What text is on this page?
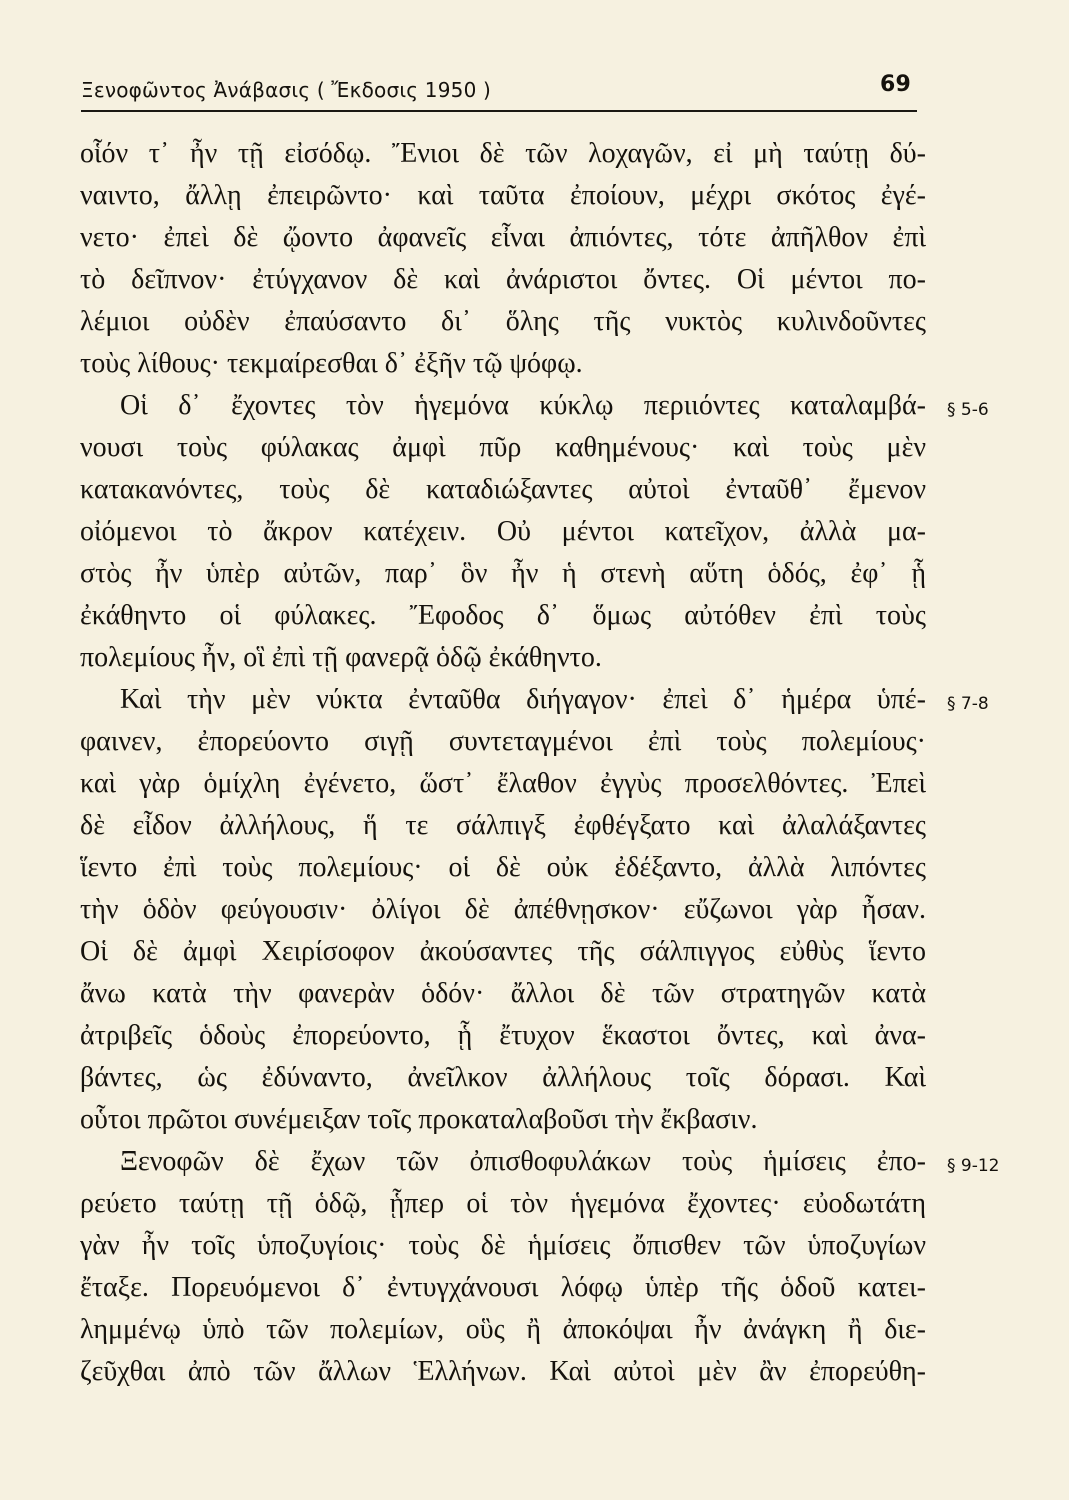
Ξενοφῶντος Ἀνάβασις ( Ἔκδοσις 1950 )	69
οἷόν τ᾽ ἦν τῇ εἰσόδῳ. Ἔνιοι δὲ τῶν λοχαγῶν, εἰ μὴ ταύτῃ δύ-
ναιντο, ἄλλῃ ἐπειρῶντο· καὶ ταῦτα ἐποίουν, μέχρι σκότος ἐγέ-
νετο· ἐπεὶ δὲ ᾤοντο ἀφανεῖς εἶναι ἀπιόντες, τότε ἀπῆλθον ἐπὶ
τὸ δεῖπνον· ἐτύγχανον δὲ καὶ ἀνάριστοι ὄντες. Οἱ μέντοι πο-
λέμιοι οὐδὲν ἐπαύσαντο δι᾽ ὅλης τῆς νυκτὸς κυλινδοῦντες
τοὺς λίθους· τεκμαίρεσθαι δ᾽ ἐξῆν τῷ ψόφῳ.
Οἱ δ᾽ ἔχοντες τὸν ἡγεμόνα κύκλῳ περιιόντες καταλαμβά-
νουσι τοὺς φύλακας ἀμφὶ πῦρ καθημένους· καὶ τοὺς μὲν
κατακανόντες, τοὺς δὲ καταδιώξαντες αὐτοὶ ἐνταῦθ᾽ ἔμενον
οἰόμενοι τὸ ἄκρον κατέχειν. Οὐ μέντοι κατεῖχον, ἀλλὰ μα-
στὸς ἦν ὑπὲρ αὐτῶν, παρ᾽ ὃν ἦν ἡ στενὴ αὕτη ὁδός, ἐφ᾽ ᾗ
ἐκάθηντο οἱ φύλακες. Ἔφοδος δ᾽ ὅμως αὐτόθεν ἐπὶ τοὺς
πολεμίους ἦν, οἳ ἐπὶ τῇ φανερᾷ ὁδῷ ἐκάθηντο.
Καὶ τὴν μὲν νύκτα ἐνταῦθα διήγαγον· ἐπεὶ δ᾽ ἡμέρα ὑπέ-
φαινεν, ἐπορεύοντο σιγῇ συντεταγμένοι ἐπὶ τοὺς πολεμίους·
καὶ γὰρ ὁμίχλη ἐγένετο, ὥστ᾽ ἔλαθον ἐγγὺς προσελθόντες. Ἐπεὶ
δὲ εἶδον ἀλλήλους, ἥ τε σάλπιγξ ἐφθέγξατο καὶ ἀλαλάξαντες
ἵεντο ἐπὶ τοὺς πολεμίους· οἱ δὲ οὐκ ἐδέξαντο, ἀλλὰ λιπόντες
τὴν ὁδὸν φεύγουσιν· ὀλίγοι δὲ ἀπέθνῃσκον· εὔζωνοι γὰρ ἦσαν.
Οἱ δὲ ἀμφὶ Χειρίσοφον ἀκούσαντες τῆς σάλπιγγος εὐθὺς ἵεντο
ἄνω κατὰ τὴν φανερὰν ὁδόν· ἄλλοι δὲ τῶν στρατηγῶν κατὰ
ἀτριβεῖς ὁδοὺς ἐπορεύοντο, ᾗ ἔτυχον ἕκαστοι ὄντες, καὶ ἀνα-
βάντες, ὡς ἐδύναντο, ἀνεῖλκον ἀλλήλους τοῖς δόρασι. Καὶ
οὗτοι πρῶτοι συνέμειξαν τοῖς προκαταλαβοῦσι τὴν ἔκβασιν.
Ξενοφῶν δὲ ἔχων τῶν ὀπισθοφυλάκων τοὺς ἡμίσεις ἐπο-
ρεύετο ταύτῃ τῇ ὁδῷ, ᾗπερ οἱ τὸν ἡγεμόνα ἔχοντες· εὐοδωτάτη
γὰν ἦν τοῖς ὑποζυγίοις· τοὺς δὲ ἡμίσεις ὄπισθεν τῶν ὑποζυγίων
ἔταξε. Πορευόμενοι δ᾽ ἐντυγχάνουσι λόφῳ ὑπὲρ τῆς ὁδοῦ κατει-
λημμένῳ ὑπὸ τῶν πολεμίων, οὓς ἢ ἀποκόψαι ἦν ἀνάγκη ἢ διε-
ζεῦχθαι ἀπὸ τῶν ἄλλων Ἑλλήνων. Καὶ αὐτοὶ μὲν ἂν ἐπορεύθη-
§ 5-6
§ 7-8
§ 9-12
